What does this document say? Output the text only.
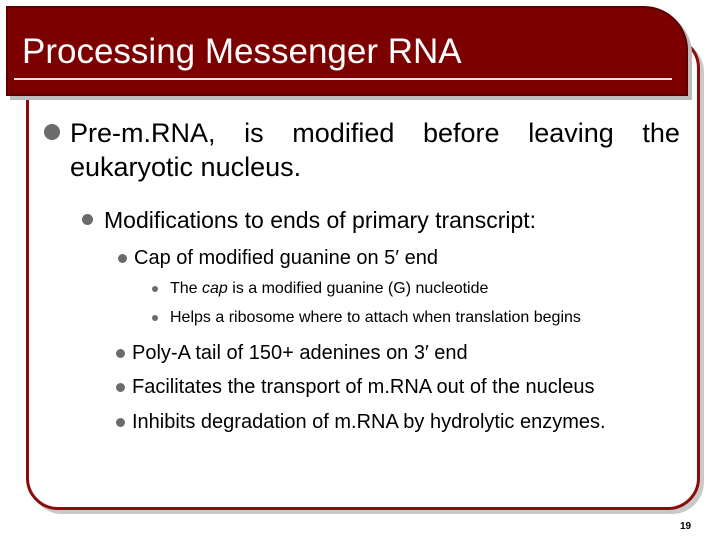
Processing Messenger RNA
Pre-m.RNA, is modified before leaving the
eukaryotic nucleus.
Modifications to ends of primary transcript:
Cap of modified guanine on 5′ end
The cap is a modified guanine (G) nucleotide
Helps a ribosome where to attach when translation begins
Poly-A tail of 150+ adenines on 3′ end
Facilitates the transport of m.RNA out of the nucleus
Inhibits degradation of m.RNA by hydrolytic enzymes.
19
